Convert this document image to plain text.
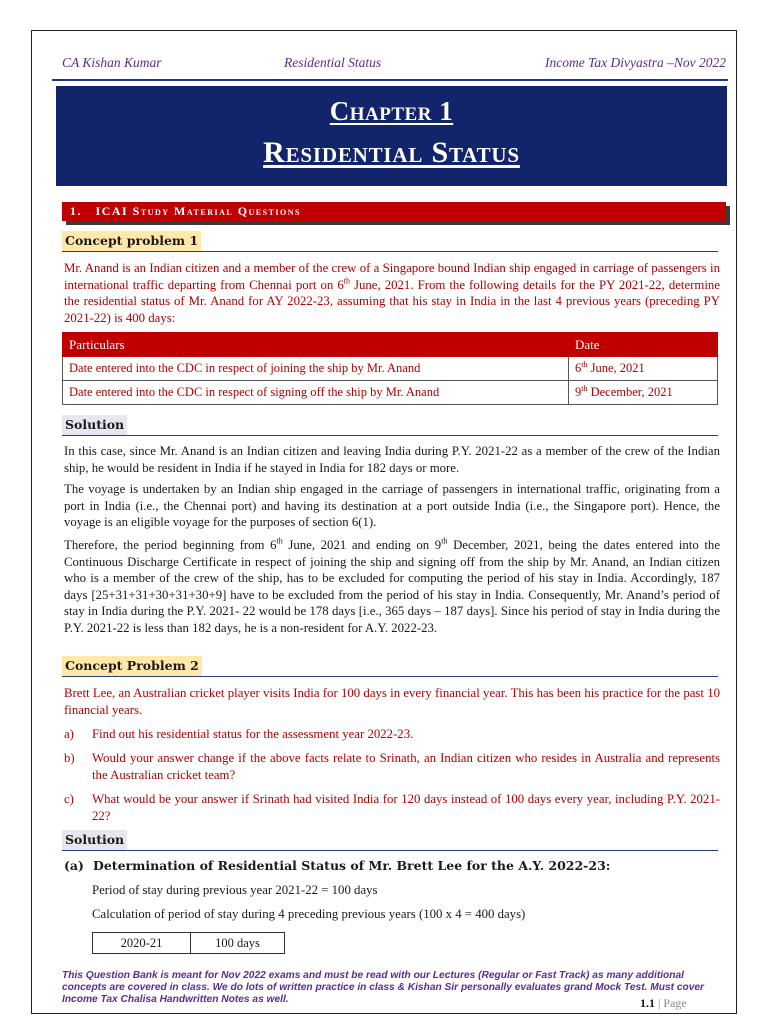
CA Kishan Kumar	Residential Status	Income Tax Divyastra –Nov 2022
Chapter 1
Residential Status
1. ICAI Study Material Questions
Concept problem 1
Mr. Anand is an Indian citizen and a member of the crew of a Singapore bound Indian ship engaged in carriage of passengers in international traffic departing from Chennai port on 6th June, 2021. From the following details for the PY 2021-22, determine the residential status of Mr. Anand for AY 2022-23, assuming that his stay in India in the last 4 previous years (preceding PY 2021-22) is 400 days:
Particulars	Date
Date entered into the CDC in respect of joining the ship by Mr. Anand	6th June, 2021
Date entered into the CDC in respect of signing off the ship by Mr. Anand	9th December, 2021
Solution
In this case, since Mr. Anand is an Indian citizen and leaving India during P.Y. 2021-22 as a member of the crew of the Indian ship, he would be resident in India if he stayed in India for 182 days or more.
The voyage is undertaken by an Indian ship engaged in the carriage of passengers in international traffic, originating from a port in India (i.e., the Chennai port) and having its destination at a port outside India (i.e., the Singapore port). Hence, the voyage is an eligible voyage for the purposes of section 6(1).
Therefore, the period beginning from 6th June, 2021 and ending on 9th December, 2021, being the dates entered into the Continuous Discharge Certificate in respect of joining the ship and signing off from the ship by Mr. Anand, an Indian citizen who is a member of the crew of the ship, has to be excluded for computing the period of his stay in India. Accordingly, 187 days [25+31+31+30+31+30+9] have to be excluded from the period of his stay in India. Consequently, Mr. Anand’s period of stay in India during the P.Y. 2021- 22 would be 178 days [i.e., 365 days – 187 days]. Since his period of stay in India during the P.Y. 2021-22 is less than 182 days, he is a non-resident for A.Y. 2022-23.
Concept Problem 2
Brett Lee, an Australian cricket player visits India for 100 days in every financial year. This has been his practice for the past 10 financial years.
a) Find out his residential status for the assessment year 2022-23.
b) Would your answer change if the above facts relate to Srinath, an Indian citizen who resides in Australia and represents the Australian cricket team?
c) What would be your answer if Srinath had visited India for 120 days instead of 100 days every year, including P.Y. 2021-22?
Solution
(a) Determination of Residential Status of Mr. Brett Lee for the A.Y. 2022-23:
Period of stay during previous year 2021-22 = 100 days
Calculation of period of stay during 4 preceding previous years (100 x 4 = 400 days)
2020-21	100 days
This Question Bank is meant for Nov 2022 exams and must be read with our Lectures (Regular or Fast Track) as many additional concepts are covered in class. We do lots of written practice in class & Kishan Sir personally evaluates grand Mock Test. Must cover Income Tax Chalisa Handwritten Notes as well.	1.1 | Page
